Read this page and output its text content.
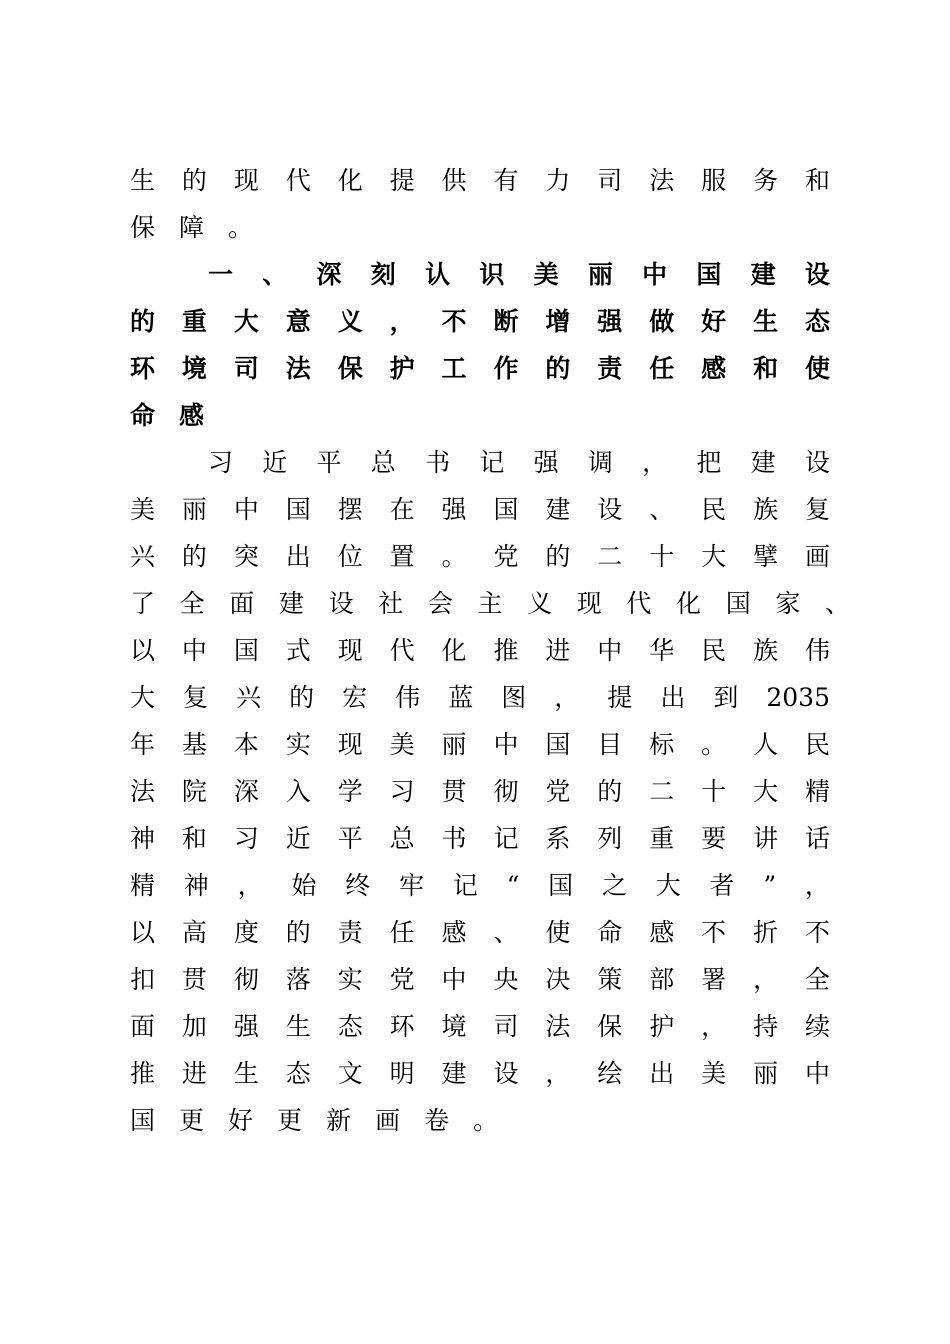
生 的 现 代 化 提 供 有 力 司 法 服 务 和
保 障 。
一 、 深 刻 认 识 美 丽 中 国 建 设
的 重 大 意 义 ， 不 断 增 强 做 好 生 态
环 境 司 法 保 护 工 作 的 责 任 感 和 使
命 感
习 近 平 总 书 记 强 调 ， 把 建 设
美 丽 中 国 摆 在 强 国 建 设 、 民 族 复
兴 的 突 出 位 置 。 党 的 二 十 大 擘 画
了 全 面 建 设 社 会 主 义 现 代 化 国 家 、
以 中 国 式 现 代 化 推 进 中 华 民 族 伟
大 复 兴 的 宏 伟 蓝 图 ， 提 出 到 2035
年 基 本 实 现 美 丽 中 国 目 标 。 人 民
法 院 深 入 学 习 贯 彻 党 的 二 十 大 精
神 和 习 近 平 总 书 记 系 列 重 要 讲 话
精 神 ， 始 终 牢 记 “ 国 之 大 者 ” ，
以 高 度 的 责 任 感 、 使 命 感 不 折 不
扣 贯 彻 落 实 党 中 央 决 策 部 署 ， 全
面 加 强 生 态 环 境 司 法 保 护 ， 持 续
推 进 生 态 文 明 建 设 ， 绘 出 美 丽 中
国 更 好 更 新 画 卷 。
